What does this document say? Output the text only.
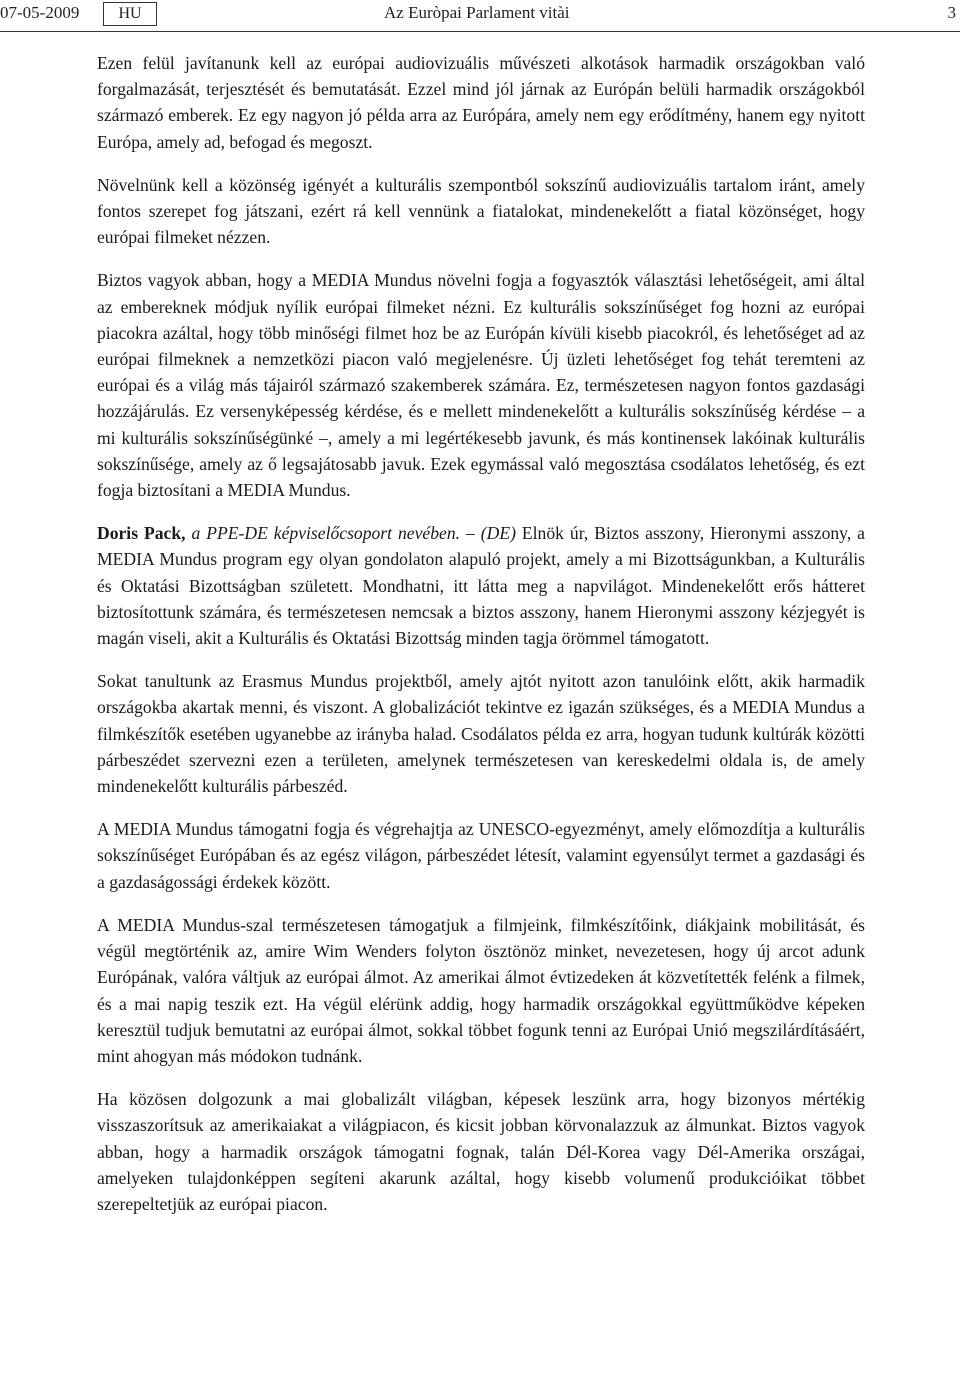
07-05-2009	HU	Az Euròpai Parlament vitài	3

Ezen felül javítanunk kell az európai audiovizuális művészeti alkotások harmadik országokban való forgalmazását, terjesztését és bemutatását. Ezzel mind jól járnak az Európán belüli harmadik országokból származó emberek. Ez egy nagyon jó példa arra az Európára, amely nem egy erődítmény, hanem egy nyitott Európa, amely ad, befogad és megoszt.

Növelnünk kell a közönség igényét a kulturális szempontból sokszínű audiovizuális tartalom iránt, amely fontos szerepet fog játszani, ezért rá kell vennünk a fiatalokat, mindenekelőtt a fiatal közönséget, hogy európai filmeket nézzen.

Biztos vagyok abban, hogy a MEDIA Mundus növelni fogja a fogyasztók választási lehetőségeit, ami által az embereknek módjuk nyílik európai filmeket nézni. Ez kulturális sokszínűséget fog hozni az európai piacokra azáltal, hogy több minőségi filmet hoz be az Európán kívüli kisebb piacokról, és lehetőséget ad az európai filmeknek a nemzetközi piacon való megjelenésre. Új üzleti lehetőséget fog tehát teremteni az európai és a világ más tájairól származó szakemberek számára. Ez, természetesen nagyon fontos gazdasági hozzájárulás. Ez versenyképesség kérdése, és e mellett mindenekelőtt a kulturális sokszínűség kérdése – a mi kulturális sokszínűségünké –, amely a mi legértékesebb javunk, és más kontinensek lakóinak kulturális sokszínűsége, amely az ő legsajátosabb javuk. Ezek egymással való megosztása csodálatos lehetőség, és ezt fogja biztosítani a MEDIA Mundus.

Doris Pack, a PPE-DE képviselőcsoport nevében. – (DE) Elnök úr, Biztos asszony, Hieronymi asszony, a MEDIA Mundus program egy olyan gondolaton alapuló projekt, amely a mi Bizottságunkban, a Kulturális és Oktatási Bizottságban született. Mondhatni, itt látta meg a napvilágot. Mindenekelőtt erős hátteret biztosítottunk számára, és természetesen nemcsak a biztos asszony, hanem Hieronymi asszony kézjegyét is magán viseli, akit a Kulturális és Oktatási Bizottság minden tagja örömmel támogatott.

Sokat tanultunk az Erasmus Mundus projektből, amely ajtót nyitott azon tanulóink előtt, akik harmadik országokba akartak menni, és viszont. A globalizációt tekintve ez igazán szükséges, és a MEDIA Mundus a filmkészítők esetében ugyanebbe az irányba halad. Csodálatos példa ez arra, hogyan tudunk kultúrák közötti párbeszédet szervezni ezen a területen, amelynek természetesen van kereskedelmi oldala is, de amely mindenekelőtt kulturális párbeszéd.

A MEDIA Mundus támogatni fogja és végrehajtja az UNESCO-egyezményt, amely előmozdítja a kulturális sokszínűséget Európában és az egész világon, párbeszédet létesít, valamint egyensúlyt termet a gazdasági és a gazdaságossági érdekek között.

A MEDIA Mundus-szal természetesen támogatjuk a filmjeink, filmkészítőink, diákjaink mobilitását, és végül megtörténik az, amire Wim Wenders folyton ösztönöz minket, nevezetesen, hogy új arcot adunk Európának, valóra váltjuk az európai álmot. Az amerikai álmot évtizedeken át közvetítették felénk a filmek, és a mai napig teszik ezt. Ha végül elérünk addig, hogy harmadik országokkal együttműködve képeken keresztül tudjuk bemutatni az európai álmot, sokkal többet fogunk tenni az Európai Unió megszilárdításáért, mint ahogyan más módokon tudnánk.

Ha közösen dolgozunk a mai globalizált világban, képesek leszünk arra, hogy bizonyos mértékig visszaszorítsuk az amerikaiakat a világpiacon, és kicsit jobban körvonalazzuk az álmunkat. Biztos vagyok abban, hogy a harmadik országok támogatni fognak, talán Dél-Korea vagy Dél-Amerika országai, amelyeken tulajdonképpen segíteni akarunk azáltal, hogy kisebb volumenű produkcióikat többet szerepeltetjük az európai piacon.
